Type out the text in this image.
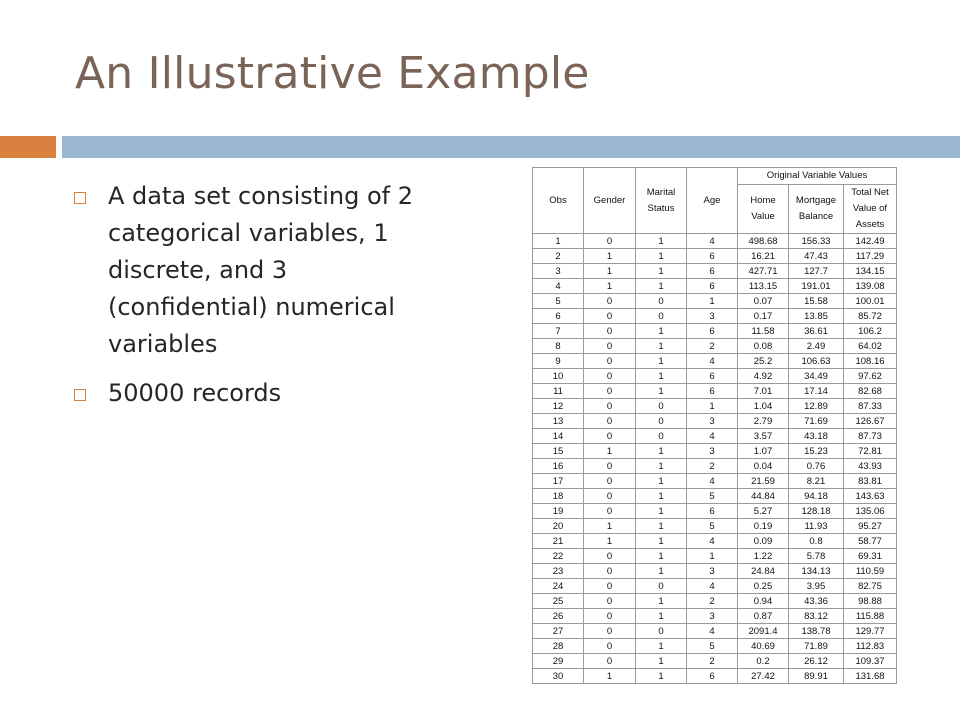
An Illustrative Example
A data set consisting of 2 categorical variables, 1 discrete, and 3 (confidential) numerical variables
50000 records
Obs	Gender	Marital Status	Age	Original Variable Values		
				Home Value	Mortgage Balance	Total Net Value of Assets
1	0	1	4	498.68	156.33	142.49
2	1	1	6	16.21	47.43	117.29
3	1	1	6	427.71	127.7	134.15
4	1	1	6	113.15	191.01	139.08
5	0	0	1	0.07	15.58	100.01
6	0	0	3	0.17	13.85	85.72
7	0	1	6	11.58	36.61	106.2
8	0	1	2	0.08	2.49	64.02
9	0	1	4	25.2	106.63	108.16
10	0	1	6	4.92	34.49	97.62
11	0	1	6	7.01	17.14	82.68
12	0	0	1	1.04	12.89	87.33
13	0	0	3	2.79	71.69	126.67
14	0	0	4	3.57	43.18	87.73
15	1	1	3	1.07	15.23	72.81
16	0	1	2	0.04	0.76	43.93
17	0	1	4	21.59	8.21	83.81
18	0	1	5	44.84	94.18	143.63
19	0	1	6	5.27	128.18	135.06
20	1	1	5	0.19	11.93	95.27
21	1	1	4	0.09	0.8	58.77
22	0	1	1	1.22	5.78	69.31
23	0	1	3	24.84	134.13	110.59
24	0	0	4	0.25	3.95	82.75
25	0	1	2	0.94	43.36	98.88
26	0	1	3	0.87	83.12	115.88
27	0	0	4	2091.4	138.78	129.77
28	0	1	5	40.69	71.89	112.83
29	0	1	2	0.2	26.12	109.37
30	1	1	6	27.42	89.91	131.68
